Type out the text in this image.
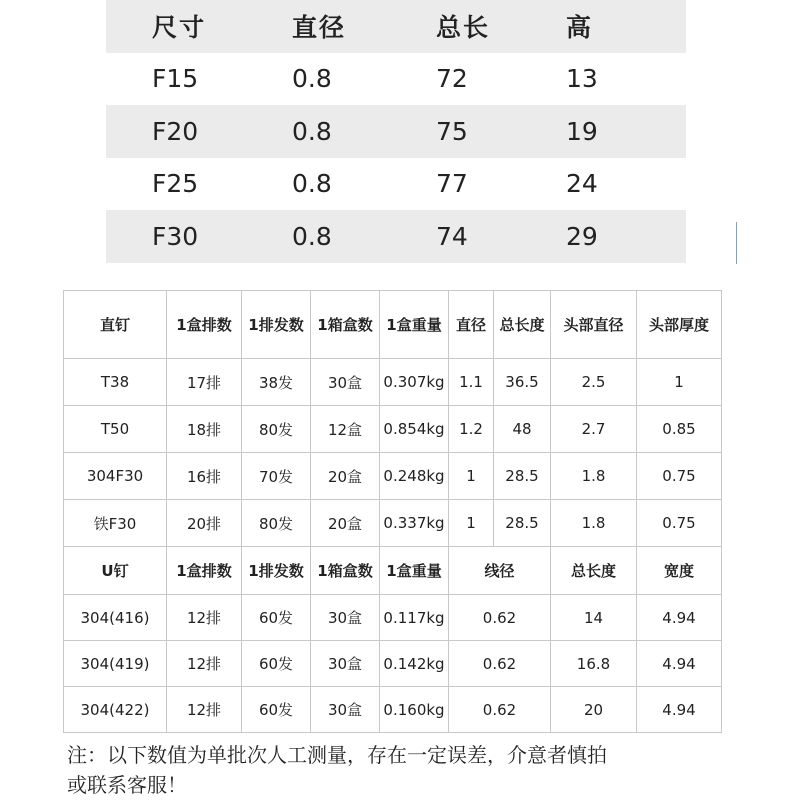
尺寸	直径	总长	高
F15	0.8	72	13
F20	0.8	75	19
F25	0.8	77	24
F30	0.8	74	29
直钉	1盒排数	1排发数	1箱盒数	1盒重量	直径	总长度	头部直径	头部厚度
T38	17排	38发	30盒	0.307kg	1.1	36.5	2.5	1
T50	18排	80发	12盒	0.854kg	1.2	48	2.7	0.85
304F30	16排	70发	20盒	0.248kg	1	28.5	1.8	0.75
铁F30	20排	80发	20盒	0.337kg	1	28.5	1.8	0.75
U钉	1盒排数	1排发数	1箱盒数	1盒重量	线径		总长度	宽度
304(416)	12排	60发	30盒	0.117kg	0.62		14	4.94
304(419)	12排	60发	30盒	0.142kg	0.62		16.8	4.94
304(422)	12排	60发	30盒	0.160kg	0.62		20	4.94
注：以下数值为单批次人工测量，存在一定误差，介意者慎拍
或联系客服！
